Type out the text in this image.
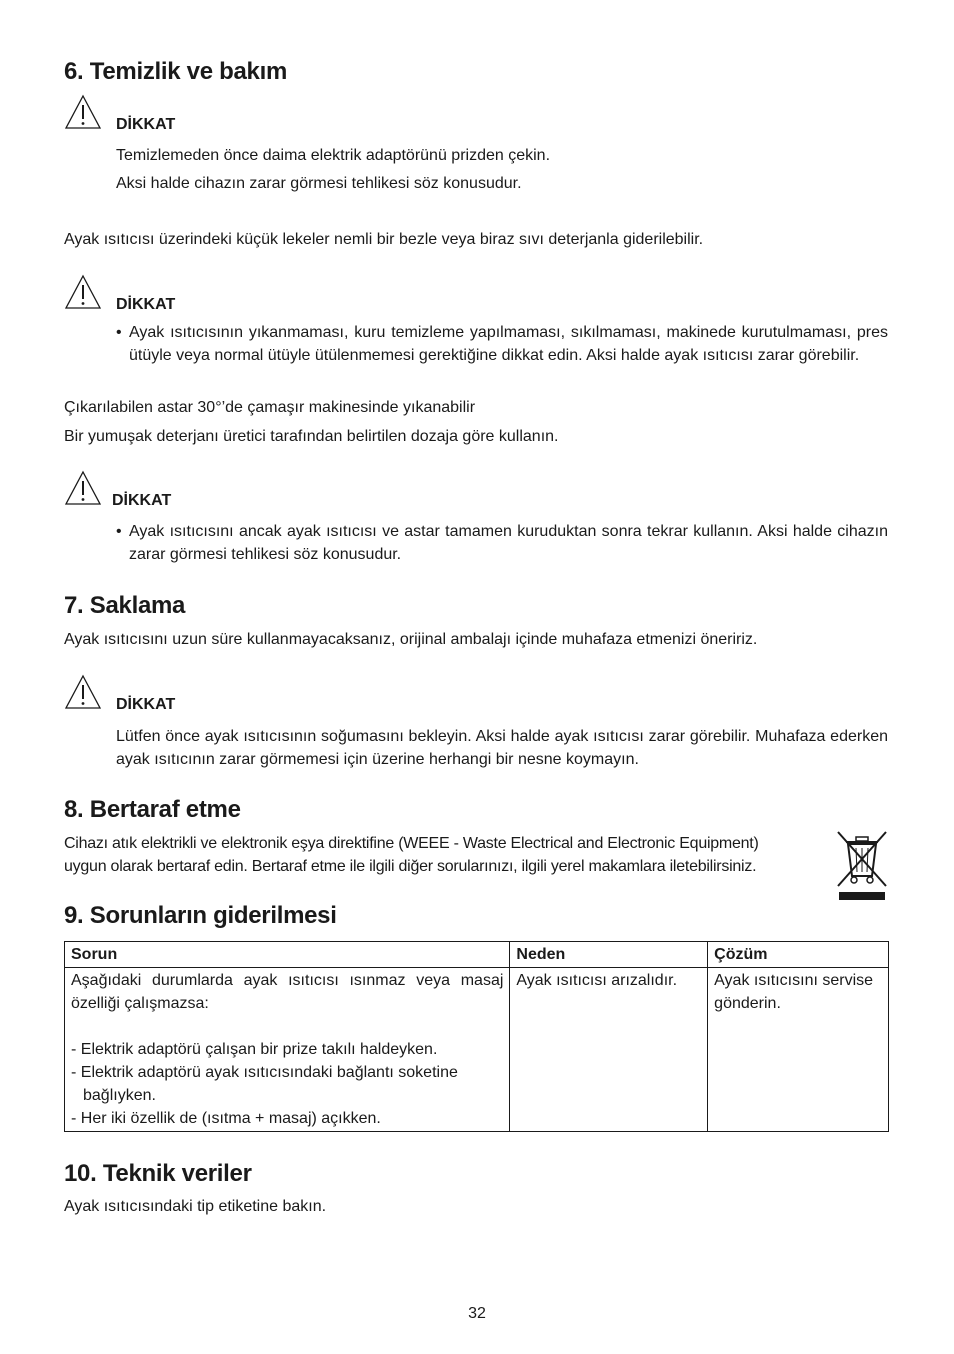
6. Temizlik ve bakım
DİKKAT
Temizlemeden önce daima elektrik adaptörünü prizden çekin.
Aksi halde cihazın zarar görmesi tehlikesi söz konusudur.
Ayak ısıtıcısı üzerindeki küçük lekeler nemli bir bezle veya biraz sıvı deterjanla giderilebilir.
DİKKAT
• Ayak ısıtıcısının yıkanmaması, kuru temizleme yapılmaması, sıkılmaması, makinede kurutulmaması, pres ütüyle veya normal ütüyle ütülenmemesi gerektiğine dikkat edin. Aksi halde ayak ısıtıcısı zarar görebilir.
Çıkarılabilen astar 30°’de çamaşır makinesinde yıkanabilir
Bir yumuşak deterjanı üretici tarafından belirtilen dozaja göre kullanın.
DİKKAT
• Ayak ısıtıcısını ancak ayak ısıtıcısı ve astar tamamen kuruduktan sonra tekrar kullanın. Aksi halde cihazın zarar görmesi tehlikesi söz konusudur.
7. Saklama
Ayak ısıtıcısını uzun süre kullanmayacaksanız, orijinal ambalajı içinde muhafaza etmenizi öneririz.
DİKKAT
Lütfen önce ayak ısıtıcısının soğumasını bekleyin. Aksi halde ayak ısıtıcısı zarar görebilir. Muhafaza ederken ayak ısıtıcının zarar görmemesi için üzerine herhangi bir nesne koymayın.
8. Bertaraf etme
Cihazı atık elektrikli ve elektronik eşya direktifine (WEEE - Waste Electrical and Electronic Equipment)
uygun olarak bertaraf edin. Bertaraf etme ile ilgili diğer sorularınızı, ilgili yerel makamlara iletebilirsiniz.
9. Sorunların giderilmesi
Sorun	Neden	Çözüm

Aşağıdaki durumlarda ayak ısıtıcısı ısınmaz veya masaj özelliği çalışmazsa:
- Elektrik adaptörü çalışan bir prize takılı haldeyken.
- Elektrik adaptörü ayak ısıtıcısındaki bağlantı soketine bağlıyken.
- Her iki özellik de (ısıtma + masaj) açıkken.	Ayak ısıtıcısı arızalıdır.	Ayak ısıtıcısını servise gönderin.
10. Teknik veriler
Ayak ısıtıcısındaki tip etiketine bakın.
32
